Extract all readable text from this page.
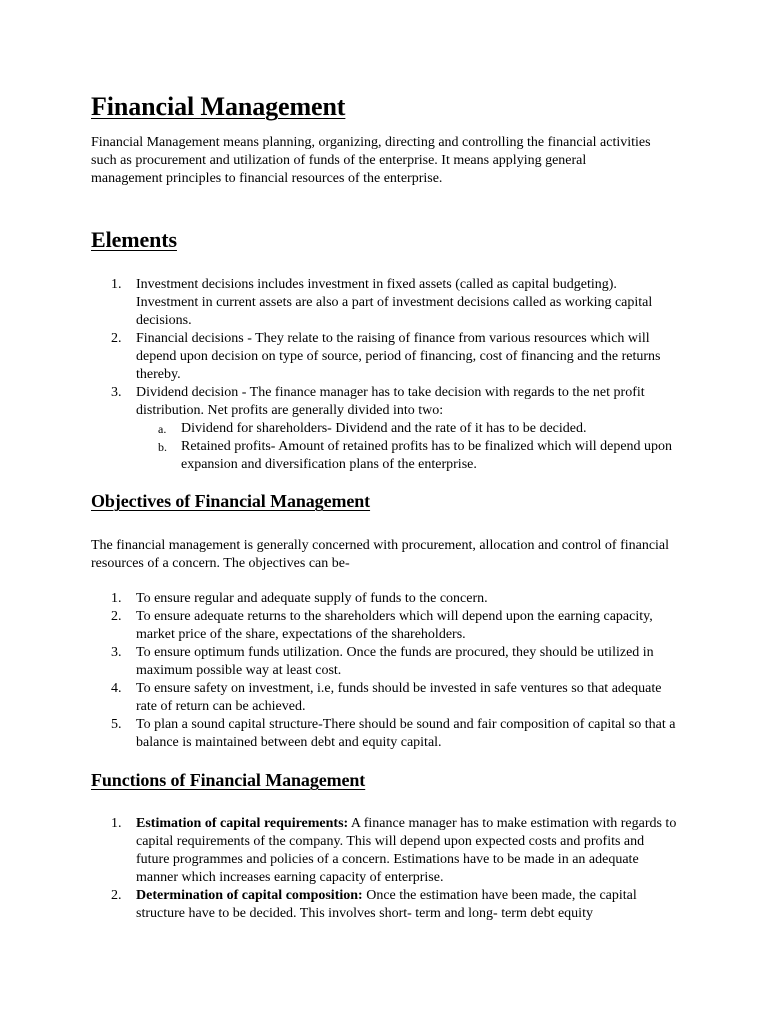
Financial Management

Financial Management means planning, organizing, directing and controlling the financial activities such as procurement and utilization of funds of the enterprise. It means applying general management principles to financial resources of the enterprise.

Elements
1. Investment decisions includes investment in fixed assets (called as capital budgeting). Investment in current assets are also a part of investment decisions called as working capital decisions.
2. Financial decisions - They relate to the raising of finance from various resources which will depend upon decision on type of source, period of financing, cost of financing and the returns thereby.
3. Dividend decision - The finance manager has to take decision with regards to the net profit distribution. Net profits are generally divided into two:
a. Dividend for shareholders- Dividend and the rate of it has to be decided.
b. Retained profits- Amount of retained profits has to be finalized which will depend upon expansion and diversification plans of the enterprise.
Objectives of Financial Management

The financial management is generally concerned with procurement, allocation and control of financial resources of a concern. The objectives can be-

1. To ensure regular and adequate supply of funds to the concern.
2. To ensure adequate returns to the shareholders which will depend upon the earning capacity, market price of the share, expectations of the shareholders.
3. To ensure optimum funds utilization. Once the funds are procured, they should be utilized in maximum possible way at least cost.
4. To ensure safety on investment, i.e, funds should be invested in safe ventures so that adequate rate of return can be achieved.
5. To plan a sound capital structure-There should be sound and fair composition of capital so that a balance is maintained between debt and equity capital.
Functions of Financial Management
1. Estimation of capital requirements: A finance manager has to make estimation with regards to capital requirements of the company. This will depend upon expected costs and profits and future programmes and policies of a concern. Estimations have to be made in an adequate manner which increases earning capacity of enterprise.
2. Determination of capital composition: Once the estimation have been made, the capital structure have to be decided. This involves short- term and long- term debt equity
